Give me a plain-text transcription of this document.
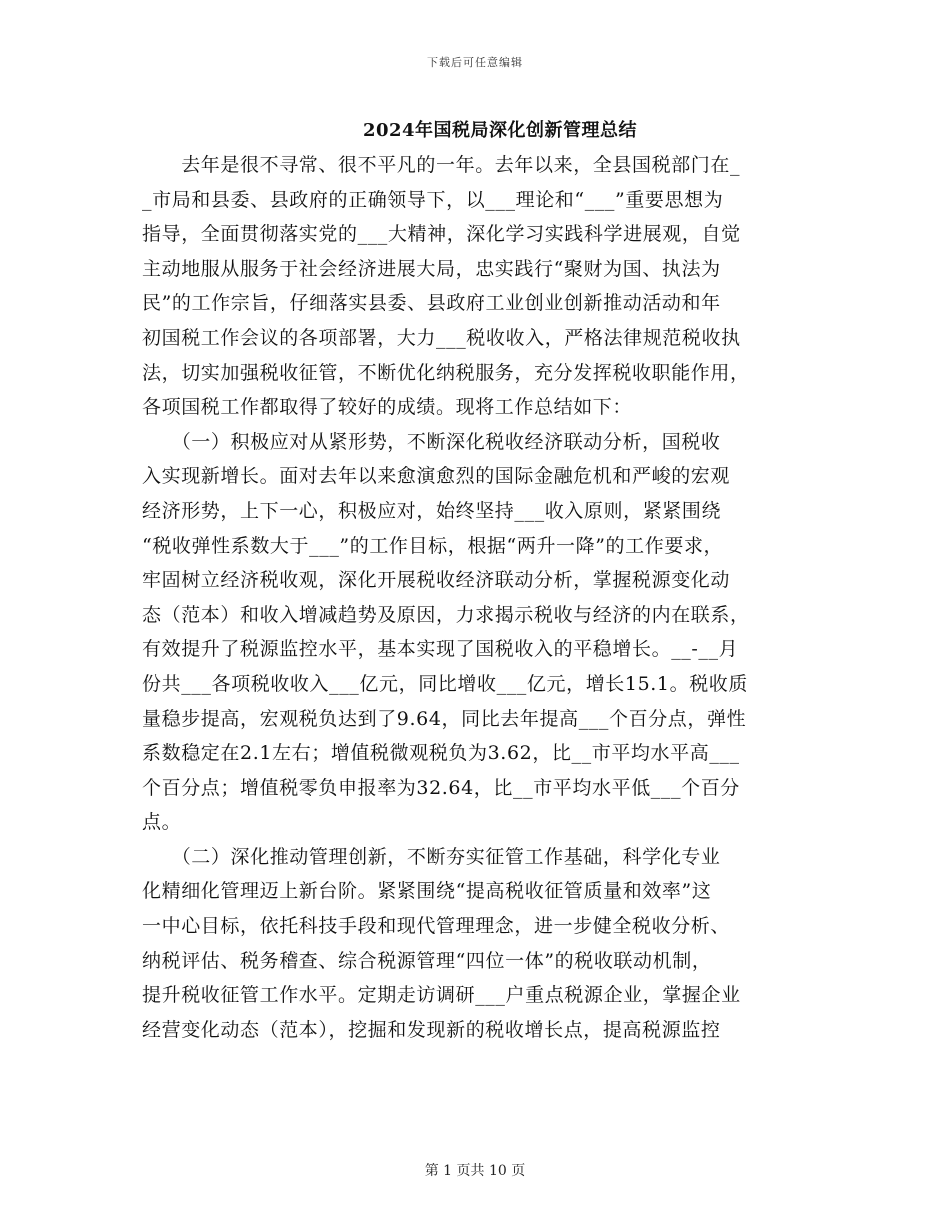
下载后可任意编辑
2024年国税局深化创新管理总结
　　去年是很不寻常、很不平凡的一年。去年以来，全县国税部门在_
_市局和县委、县政府的正确领导下，以___理论和“___”重要思想为
指导，全面贯彻落实党的___大精神，深化学习实践科学进展观，自觉
主动地服从服务于社会经济进展大局，忠实践行“聚财为国、执法为
民”的工作宗旨，仔细落实县委、县政府工业创业创新推动活动和年
初国税工作会议的各项部署，大力___税收收入，严格法律规范税收执
法，切实加强税收征管，不断优化纳税服务，充分发挥税收职能作用，
各项国税工作都取得了较好的成绩。现将工作总结如下：
　　（一）积极应对从紧形势，不断深化税收经济联动分析，国税收
入实现新增长。面对去年以来愈演愈烈的国际金融危机和严峻的宏观
经济形势，上下一心，积极应对，始终坚持___收入原则，紧紧围绕
“税收弹性系数大于___”的工作目标，根据“两升一降”的工作要求，
牢固树立经济税收观，深化开展税收经济联动分析，掌握税源变化动
态（范本）和收入增减趋势及原因，力求揭示税收与经济的内在联系，
有效提升了税源监控水平，基本实现了国税收入的平稳增长。__-__月
份共___各项税收收入___亿元，同比增收___亿元，增长15.1。税收质
量稳步提高，宏观税负达到了9.64，同比去年提高___个百分点，弹性
系数稳定在2.1左右；增值税微观税负为3.62，比__市平均水平高___
个百分点；增值税零负申报率为32.64，比__市平均水平低___个百分
点。
　　（二）深化推动管理创新，不断夯实征管工作基础，科学化专业
化精细化管理迈上新台阶。紧紧围绕“提高税收征管质量和效率”这
一中心目标，依托科技手段和现代管理理念，进一步健全税收分析、
纳税评估、税务稽查、综合税源管理“四位一体”的税收联动机制，
提升税收征管工作水平。定期走访调研___户重点税源企业，掌握企业
经营变化动态（范本），挖掘和发现新的税收增长点，提高税源监控
第 1 页共 10 页
